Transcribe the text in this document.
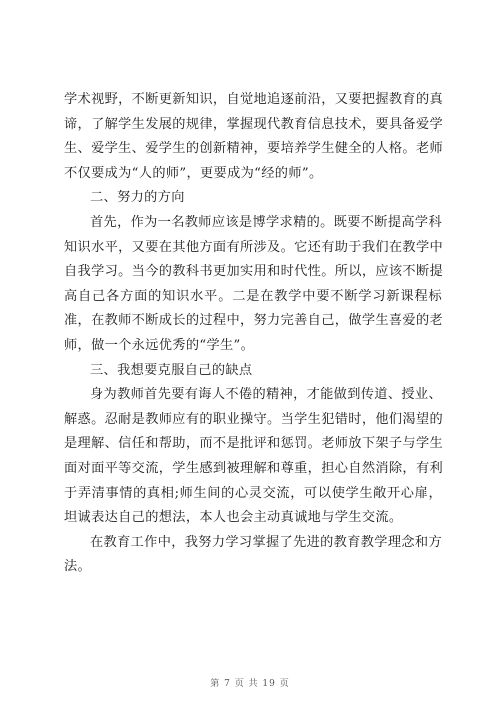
学术视野，不断更新知识，自觉地追逐前沿，又要把握教育的真
谛，了解学生发展的规律，掌握现代教育信息技术，要具备爱学
生、爱学生、爱学生的创新精神，要培养学生健全的人格。老师
不仅要成为“人的师”，更要成为“经的师”。
二、努力的方向
首先，作为一名教师应该是博学求精的。既要不断提高学科
知识水平，又要在其他方面有所涉及。它还有助于我们在教学中
自我学习。当今的教科书更加实用和时代性。所以，应该不断提
高自己各方面的知识水平。二是在教学中要不断学习新课程标
准，在教师不断成长的过程中，努力完善自己，做学生喜爱的老
师，做一个永远优秀的“学生”。
三、我想要克服自己的缺点
身为教师首先要有诲人不倦的精神，才能做到传道、授业、
解惑。忍耐是教师应有的职业操守。当学生犯错时，他们渴望的
是理解、信任和帮助，而不是批评和惩罚。老师放下架子与学生
面对面平等交流，学生感到被理解和尊重，担心自然消除，有利
于弄清事情的真相;师生间的心灵交流，可以使学生敞开心扉，
坦诚表达自己的想法，本人也会主动真诚地与学生交流。
在教育工作中，我努力学习掌握了先进的教育教学理念和方
法。
第 7 页 共 19 页
